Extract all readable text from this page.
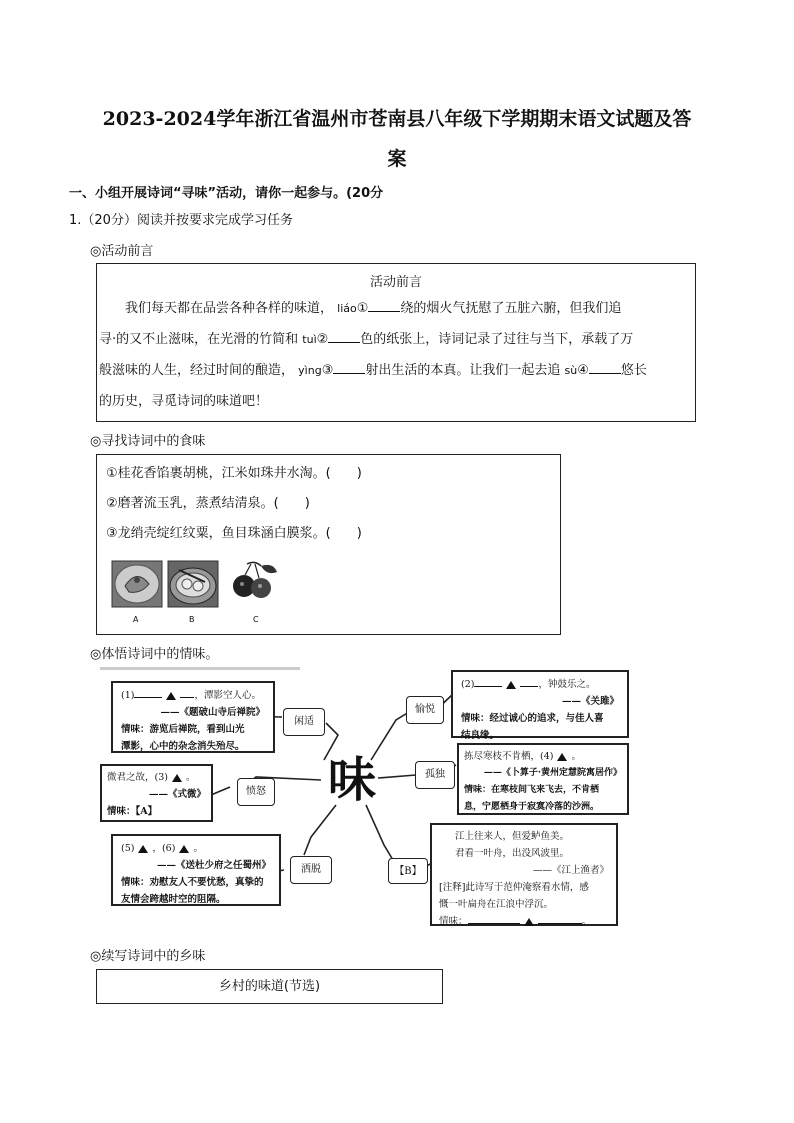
2023-2024学年浙江省温州市苍南县八年级下学期期末语文试题及答
案
一、小组开展诗词“寻味”活动，请你一起参与。(20分
1.（20分）阅读并按要求完成学习任务
◎活动前言
活动前言

我们每天都在品尝各种各样的味道， liáo① 绕的烟火气抚慰了五脏六腑，但我们追

寻·的又不止滋味，在光滑的竹简和 tuì② 色的纸张上，诗词记录了过往与当下，承载了万

般滋味的人生，经过时间的酿造， yìng③ 射出生活的本真。让我们一起去追 sù④ 悠长

的历史，寻觅诗词的味道吧！

◎寻找诗词中的食味
①桂花香馅裹胡桃，江米如珠井水淘。(　　)
②磨著流玉乳，蒸煮结清泉。(　　)
③龙绡壳绽红纹粟，鱼目珠涵白膜浆。(　　)
A	B	C
◎体悟诗词中的情味。
(1)	，潭影空人心。
——《题破山寺后禅院》
情味：游览后禅院，看到山光
潭影，心中的杂念消失殆尽。
(2)	，钟鼓乐之。
——《关雎》
情味：经过诚心的追求，与佳人喜
结良缘。
微君之故，(3) 。
——《式微》
情味：【A】
拣尽寒枝不肯栖，(4) 。
——《卜算子·黄州定慧院寓居作》
情味：在寒枝间飞来飞去，不肯栖
息，宁愿栖身于寂寞冷落的沙洲。
(5) ，(6) 。
——《送杜少府之任蜀州》
情味：劝慰友人不要忧愁，真挚的
友情会跨越时空的阻隔。
江上往来人，但爱鲈鱼美。
君看一叶舟，出没风波里。
——《江上渔者》
[注释]此诗写于范仲淹察看水情，感
慨一叶扁舟在江浪中浮沉。
情味：	。
闲适
愉悦
愤怒
孤独
洒脱	【B】
味
◎续写诗词中的乡味
乡村的味道(节选)
